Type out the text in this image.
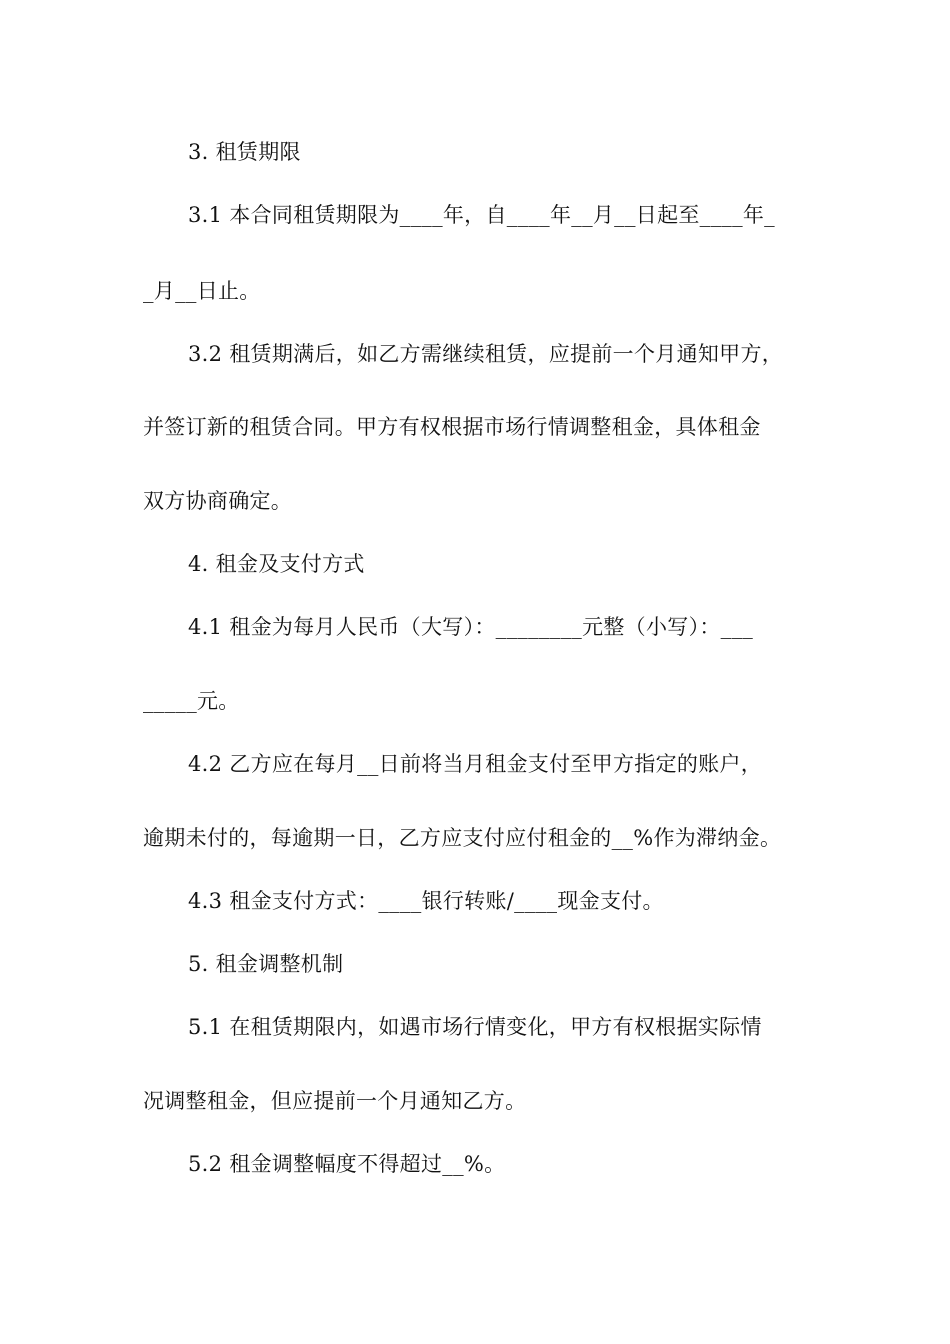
3. 租赁期限
3.1 本合同租赁期限为____年，自____年__月__日起至____年_
_月__日止。
3.2 租赁期满后，如乙方需继续租赁，应提前一个月通知甲方，
并签订新的租赁合同。甲方有权根据市场行情调整租金，具体租金
双方协商确定。
4. 租金及支付方式
4.1 租金为每月人民币（大写）：________元整（小写）：___
_____元。
4.2 乙方应在每月__日前将当月租金支付至甲方指定的账户，
逾期未付的，每逾期一日，乙方应支付应付租金的__%作为滞纳金。
4.3 租金支付方式：____银行转账/____现金支付。
5. 租金调整机制
5.1 在租赁期限内，如遇市场行情变化，甲方有权根据实际情
况调整租金，但应提前一个月通知乙方。
5.2 租金调整幅度不得超过__%。
